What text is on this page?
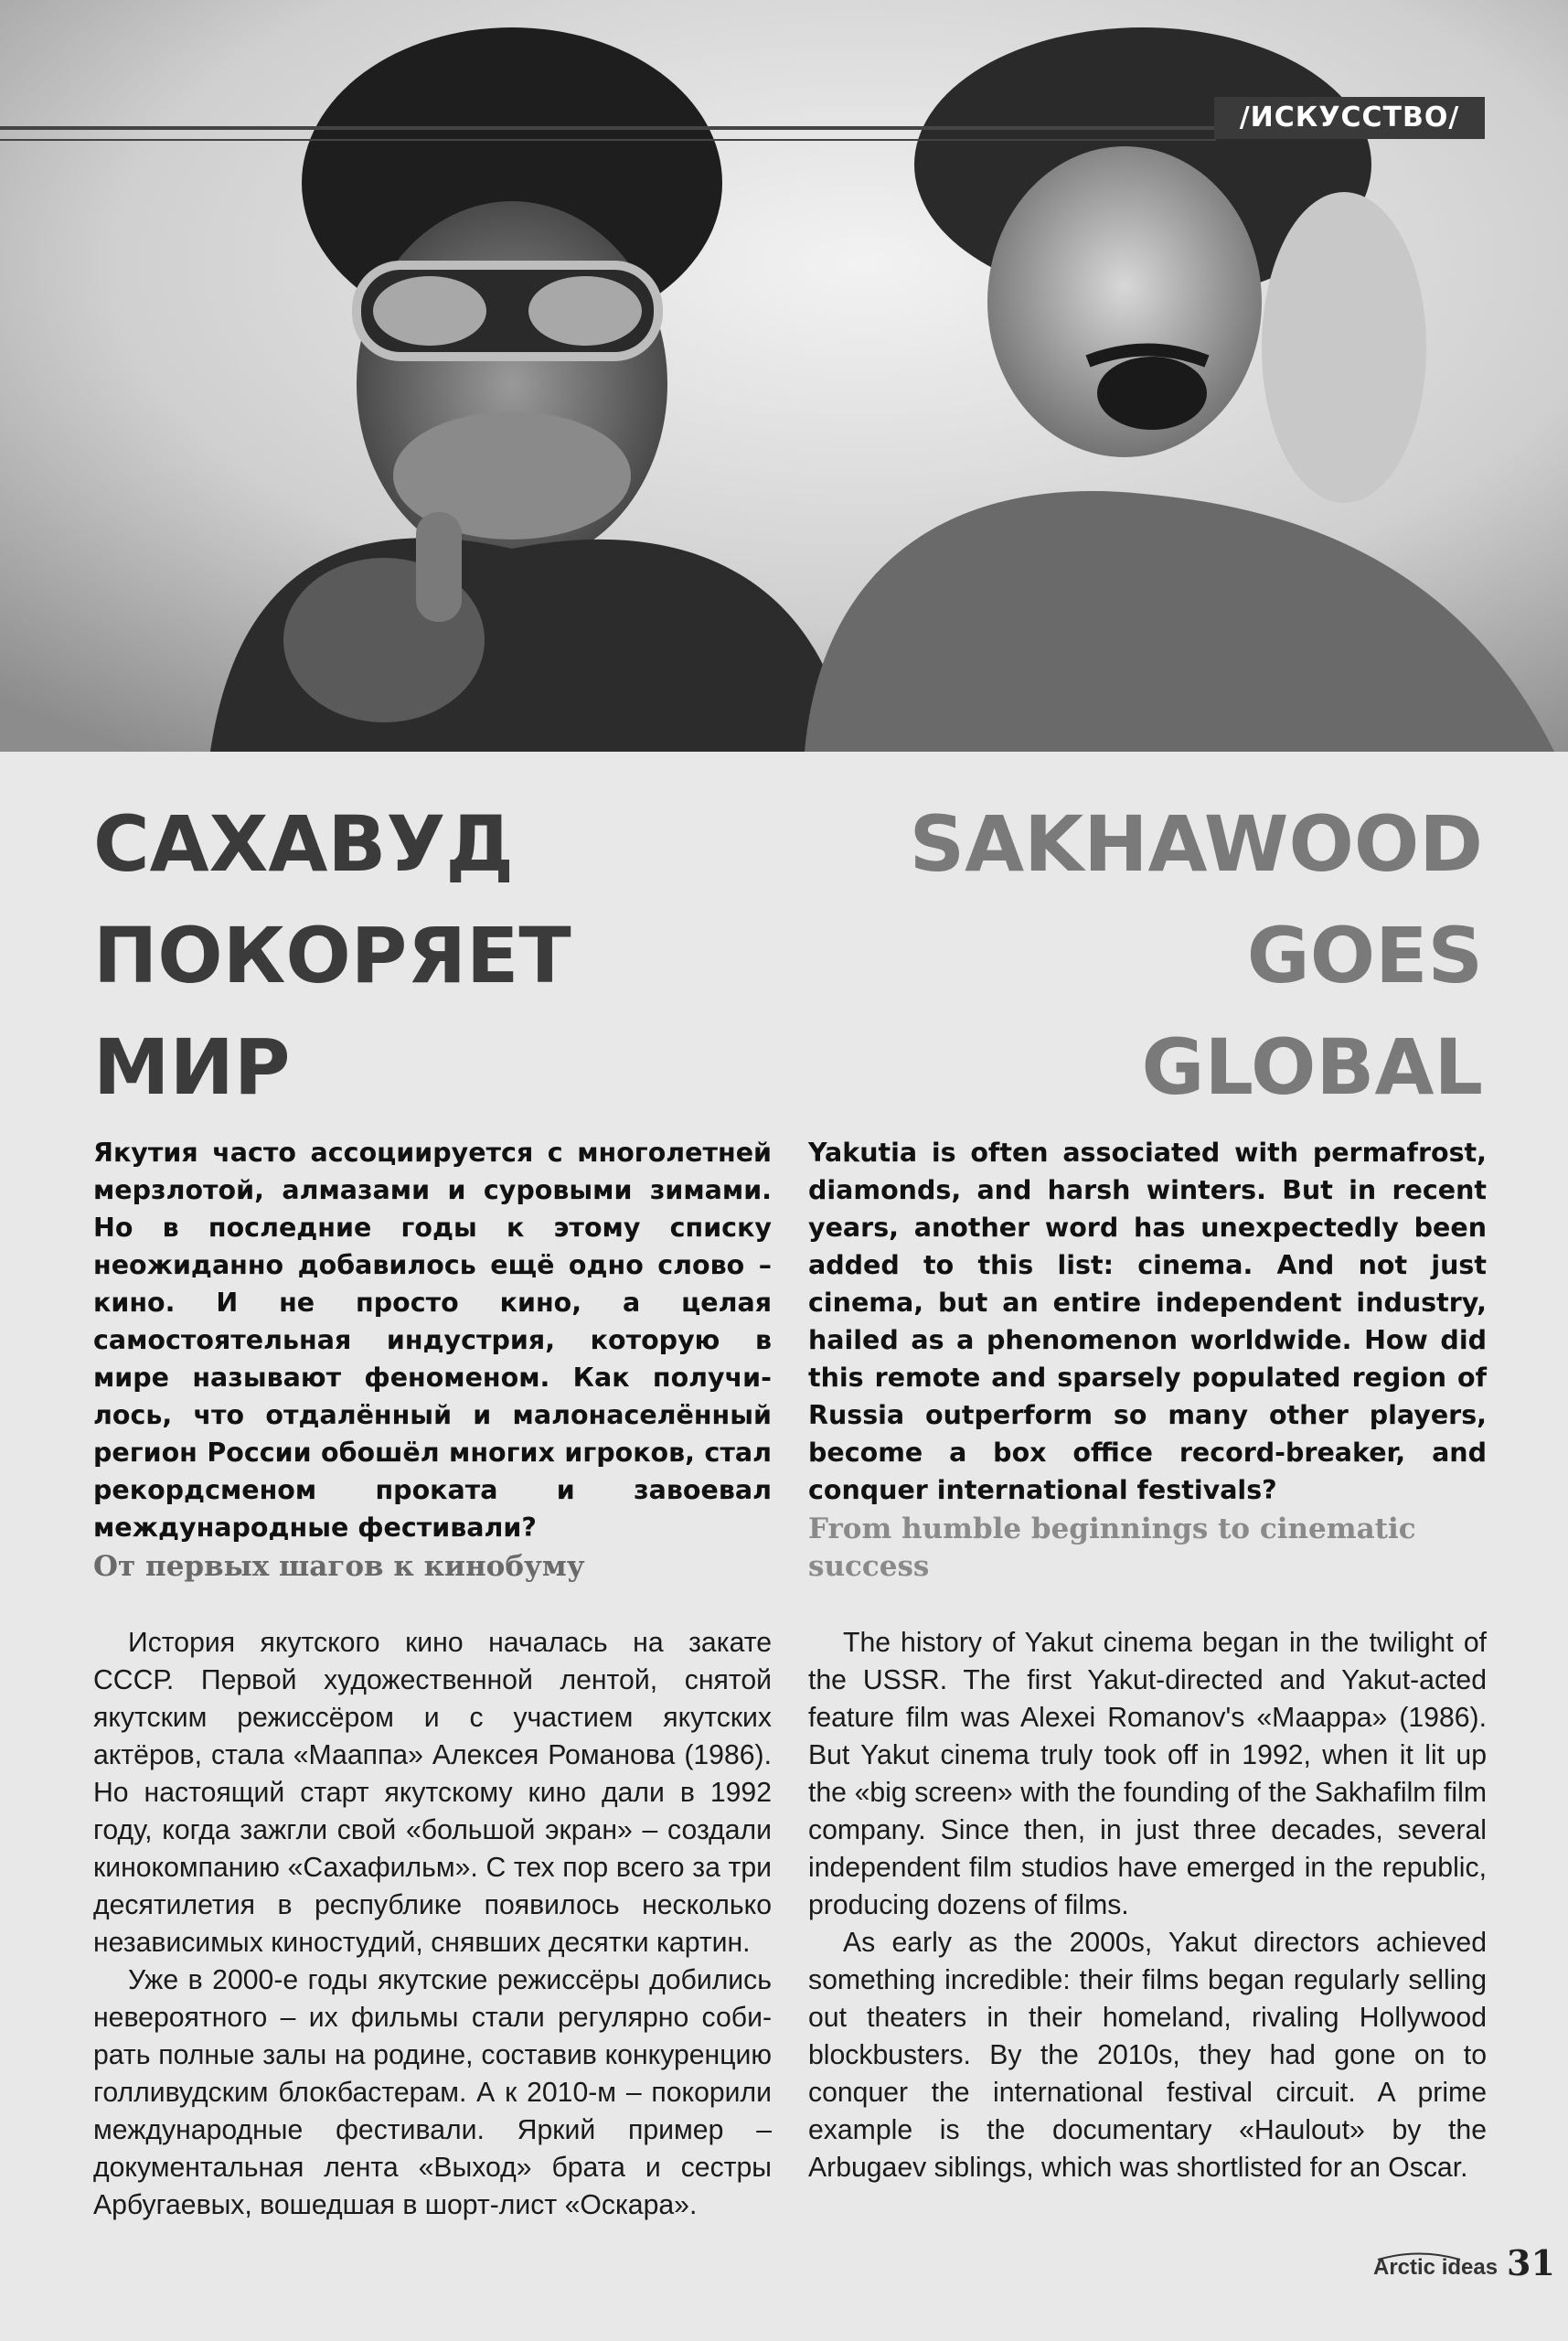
/ИСКУССТВО/
САХАВУД
ПОКОРЯЕТ
МИР
SAKHAWOOD
GOES
GLOBAL

Якутия часто ассоциируется с многолетней мерзлотой, алмазами и суровыми зимами. Но в последние годы к этому списку неожиданно добавилось ещё одно слово – кино. И не просто кино, а целая самостоятельная индустрия, которую в мире называют феноменом. Как получилось, что отдалённый и малонаселённый регион России обошёл многих игроков, стал рекордсменом проката и завоевал международные фестивали?

Yakutia is often associated with permafrost, diamonds, and harsh winters. But in recent years, another word has unexpectedly been added to this list: cinema. And not just cinema, but an entire independent industry, hailed as a phenomenon worldwide. How did this remote and sparsely populated region of Russia outperform so many other players, become a box office record-breaker, and conquer international festivals?

От первых шагов к кинобуму
From humble beginnings to cinematic success

История якутского кино началась на закате СССР. Первой художественной лентой, снятой якутским режиссёром и с участием якутских актёров, стала «Мааппа» Алексея Романова (1986). Но настоящий старт якутскому кино дали в 1992 году, когда зажгли свой «большой экран» – создали кинокомпанию «Сахафильм». С тех пор всего за три десятилетия в республике появилось несколько независимых киностудий, снявших десятки картин.

Уже в 2000-е годы якутские режиссёры добились невероятного – их фильмы стали регулярно собирать полные залы на родине, составив конкуренцию голливудским блокбастерам. А к 2010-м – покорили международные фестивали. Яркий пример – документальная лента «Выход» брата и сестры Арбугаевых, вошедшая в шорт-лист «Оскара».

The history of Yakut cinema began in the twilight of the USSR. The first Yakut-directed and Yakut-acted feature film was Alexei Romanov's «Маарра» (1986). But Yakut cinema truly took off in 1992, when it lit up the «big screen» with the founding of the Sakhafilm film company. Since then, in just three decades, several independent film studios have emerged in the republic, producing dozens of films.

As early as the 2000s, Yakut directors achieved something incredible: their films began regularly selling out theaters in their homeland, rivaling Hollywood blockbusters. By the 2010s, they had gone on to conquer the international festival circuit. A prime example is the documentary «Haulout» by the Arbugaev siblings, which was shortlisted for an Oscar.

Arctic ideas 31
